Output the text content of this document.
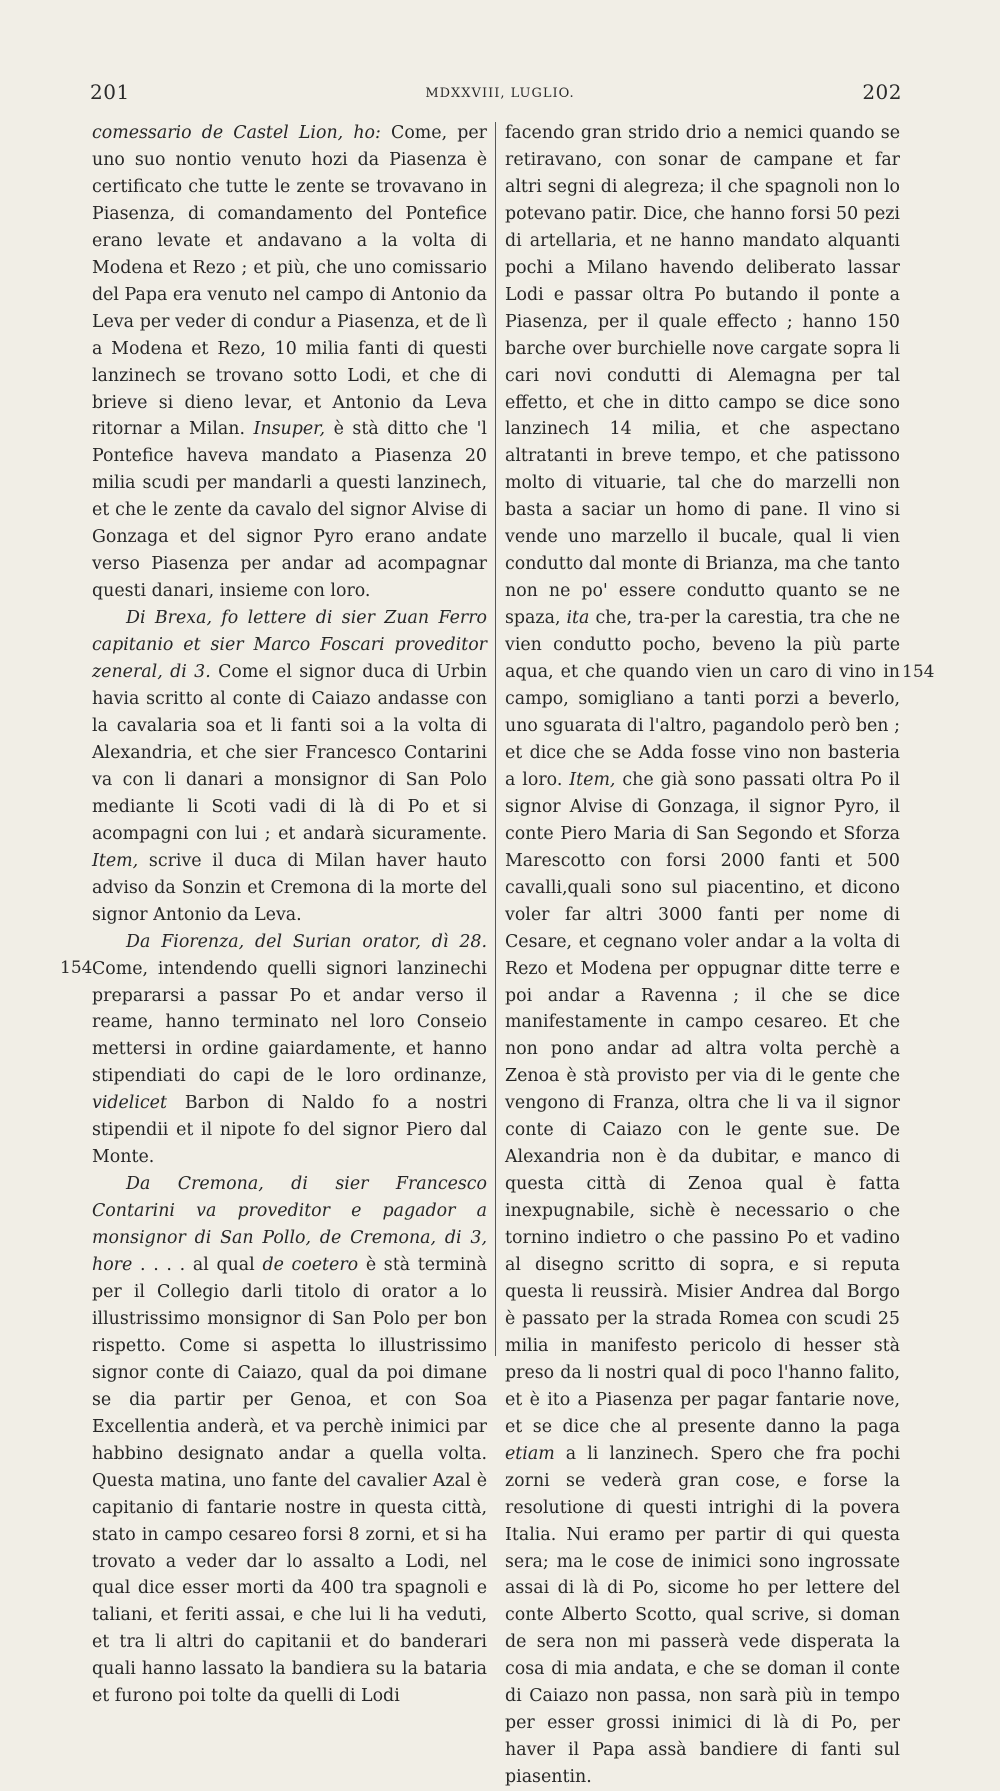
201	MDXXVIII, LUGLIO.	202

comessario de Castel Lion, ho: Come, per uno suo nontio venuto hozi da Piasenza è certificato che tutte le zente se trovavano in Piasenza, di comandamento del Pontefice erano levate et andavano a la volta di Modena et Rezo ; et più, che uno comissario del Papa era venuto nel campo di Antonio da Leva per veder di condur a Piasenza, et de lì a Modena et Rezo, 10 milia fanti di questi lanzinech se trovano sotto Lodi, et che di brieve si dieno levar, et Antonio da Leva ritornar a Milan. Insuper, è stà ditto che 'l Pontefice haveva mandato a Piasenza 20 milia scudi per mandarli a questi lanzinech, et che le zente da cavalo del signor Alvise di Gonzaga et del signor Pyro erano andate verso Piasenza per andar ad acompagnar questi danari, insieme con loro.

Di Brexa, fo lettere di sier Zuan Ferro capitanio et sier Marco Foscari proveditor zeneral, di 3. Come el signor duca di Urbin havia scritto al conte di Caiazo andasse con la cavalaria soa et li fanti soi a la volta di Alexandria, et che sier Francesco Contarini va con li danari a monsignor di San Polo mediante li Scoti vadi di là di Po et si acompagni con lui ; et andarà sicuramente. Item, scrive il duca di Milan haver hauto adviso da Sonzin et Cremona di la morte del signor Antonio da Leva.

Da Fiorenza, del Surian orator, dì 28. Come, intendendo quelli signori lanzinechi prepararsi a passar Po et andar verso il reame, hanno terminato nel loro Conseio mettersi in ordine gaiardamente, et hanno stipendiati do capi de le loro ordinanze, videlicet Barbon di Naldo fo a nostri stipendii et il nipote fo del signor Piero dal Monte.

Da Cremona, di sier Francesco Contarini va proveditor e pagador a monsignor di San Pollo, de Cremona, di 3, hore . . . . al qual de coetero è stà terminà per il Collegio darli titolo di orator a lo illustrissimo monsignor di San Polo per bon rispetto. Come si aspetta lo illustrissimo signor conte di Caiazo, qual da poi dimane se dia partir per Genoa, et con Soa Excellentia anderà, et va perchè inimici par habbino designato andar a quella volta. Questa matina, uno fante del cavalier Azal è capitanio di fantarie nostre in questa città, stato in campo cesareo forsi 8 zorni, et si ha trovato a veder dar lo assalto a Lodi, nel qual dice esser morti da 400 tra spagnoli e taliani, et feriti assai, e che lui li ha veduti, et tra li altri do capitanii et do banderari quali hanno lassato la bandiera su la bataria et furono poi tolte da quelli di Lodi

facendo gran strido drio a nemici quando se retiravano, con sonar de campane et far altri segni di alegreza; il che spagnoli non lo potevano patir. Dice, che hanno forsi 50 pezi di artellaria, et ne hanno mandato alquanti pochi a Milano havendo deliberato lassar Lodi e passar oltra Po butando il ponte a Piasenza, per il quale effecto ; hanno 150 barche over burchielle nove cargate sopra li cari novi condutti di Alemagna per tal effetto, et che in ditto campo se dice sono lanzinech 14 milia, et che aspectano altratanti in breve tempo, et che patissono molto di vituarie, tal che do marzelli non basta a saciar un homo di pane. Il vino si vende uno marzello il bucale, qual li vien condutto dal monte di Brianza, ma che tanto non ne po' essere condutto quanto se ne spaza, ita che, tra-per la carestia, tra che ne vien condutto pocho, beveno la più parte aqua, et che quando vien un caro di vino in campo, somigliano a tanti porzi a beverlo, uno sguarata di l'altro, pagandolo però ben ; et dice che se Adda fosse vino non basteria a loro. Item, che già sono passati oltra Po il signor Alvise di Gonzaga, il signor Pyro, il conte Piero Maria di San Segondo et Sforza Marescotto con forsi 2000 fanti et 500 cavalli,quali sono sul piacentino, et dicono voler far altri 3000 fanti per nome di Cesare, et cegnano voler andar a la volta di Rezo et Modena per oppugnar ditte terre e poi andar a Ravenna ; il che se dice manifestamente in campo cesareo. Et che non pono andar ad altra volta perchè a Zenoa è stà provisto per via di le gente che vengono di Franza, oltra che li va il signor conte di Caiazo con le gente sue. De Alexandria non è da dubitar, e manco di questa città di Zenoa qual è fatta inexpugnabile, sichè è necessario o che tornino indietro o che passino Po et vadino al disegno scritto di sopra, e si reputa questa li reussirà. Misier Andrea dal Borgo è passato per la strada Romea con scudi 25 milia in manifesto pericolo di hesser stà preso da li nostri qual di poco l'hanno falito, et è ito a Piasenza per pagar fantarie nove, et se dice che al presente danno la paga etiam a li lanzinech. Spero che fra pochi zorni se vederà gran cose, e forse la resolutione di questi intrighi di la povera Italia. Nui eramo per partir di qui questa sera; ma le cose de inimici sono ingrossate assai di là di Po, sicome ho per lettere del conte Alberto Scotto, qual scrive, si doman de sera non mi passerà vede disperata la cosa di mia andata, e che se doman il conte di Caiazo non passa, non sarà più in tempo per esser grossi inimici di là di Po, per haver il Papa assà bandiere di fanti sul piasentin.

154
154
